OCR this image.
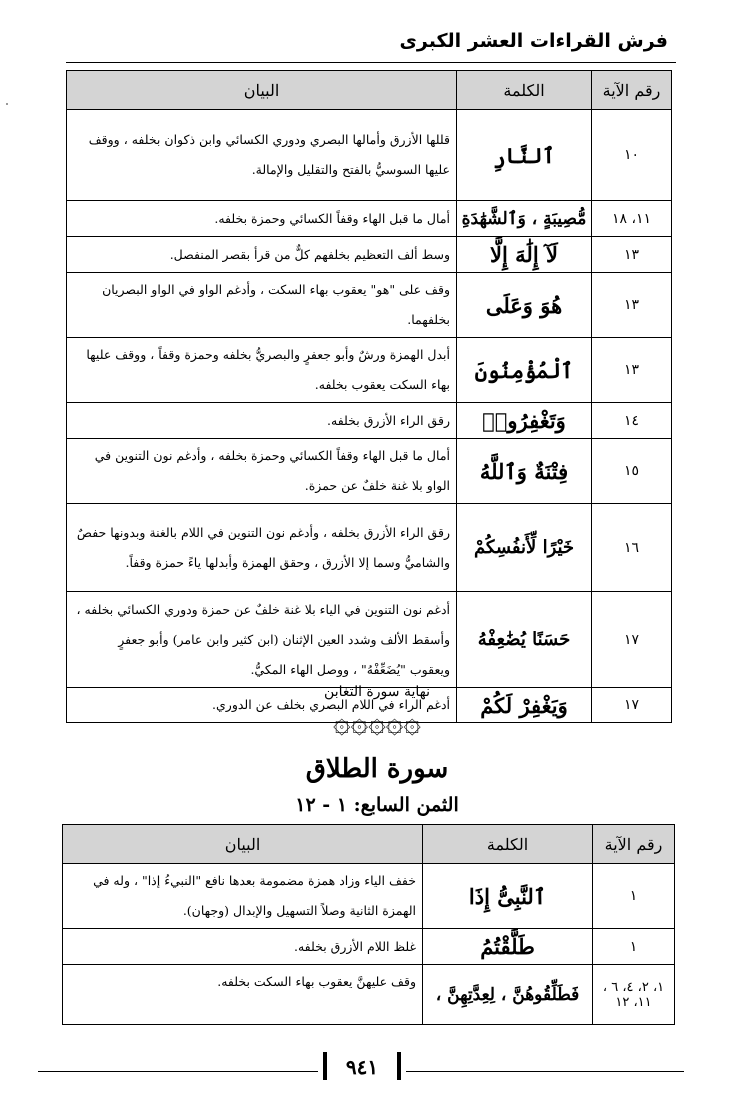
فرش القراءات العشر الكبرى
رقم الآية	الكلمة	البيان
١٠	ٱلنَّارِ	قللها الأزرق وأمالها البصري ودوري الكسائي وابن ذكوان بخلفه ، ووقف عليها السوسيُّ بالفتح والتقليل والإمالة.
١١، ١٨	مُّصِيبَةٍ ، وَٱلشَّهَٰدَةِ	أمال ما قبل الهاء وقفاً الكسائي وحمزة بخلفه.
١٣	لَآ إِلَٰهَ إِلَّا	وسط ألف التعظيم بخلفهم كلٌّ من قرأ بقصر المنفصل.
١٣	هُوَ وَعَلَى	وقف على "هو" يعقوب بهاء السكت ، وأدغم الواو في الواو البصريان بخلفهما.
١٣	ٱلْمُؤْمِنُونَ	أبدل الهمزة ورشٌ وأبو جعفرٍ والبصريُّ بخلفه وحمزة وقفاً ، ووقف عليها بهاء السكت يعقوب بخلفه.
١٤	وَتَغْفِرُوا۟	رقق الراء الأزرق بخلفه.
١٥	فِتْنَةٌ وَٱللَّهُ	أمال ما قبل الهاء وقفاً الكسائي وحمزة بخلفه ، وأدغم نون التنوين في الواو بلا غنة خلفٌ عن حمزة.
١٦	خَيْرًا لِّأَنفُسِكُمْ	رقق الراء الأزرق بخلفه ، وأدغم نون التنوين في اللام بالغنة وبدونها حفصٌ والشاميُّ وسما إلا الأزرق ، وحقق الهمزة وأبدلها ياءً حمزة وقفاً.
١٧	حَسَنًا يُضَٰعِفْهُ	أدغم نون التنوين في الياء بلا غنة خلفٌ عن حمزة ودوري الكسائي بخلفه ، وأسقط الألف وشدد العين الإثنان (ابن كثير وابن عامر) وأبو جعفرٍ ويعقوب "يُضَعِّفْهُ" ، ووصل الهاء المكيُّ.
١٧	وَيَغْفِرْ لَكُمْ	أدغم الراء في اللام البصري بخلف عن الدوري.
نهاية سورة التغابن
۞۞۞۞۞
سورة الطلاق
الثمن السابع: ١ - ١٢
رقم الآية	الكلمة	البيان
١	ٱلنَّبِىُّ إِذَا	خفف الياء وزاد همزة مضمومة بعدها نافع "النبيءُ إذا" ، وله في الهمزة الثانية وصلاً التسهيل والإبدال (وجهان).
١	طَلَّقْتُمُ	غلظ اللام الأزرق بخلفه.
١، ٢، ٤، ٦ ، ١١، ١٢	فَطَلِّقُوهُنَّ ، لِعِدَّتِهِنَّ ،	وقف عليهنَّ يعقوب بهاء السكت بخلفه.
٩٤١
